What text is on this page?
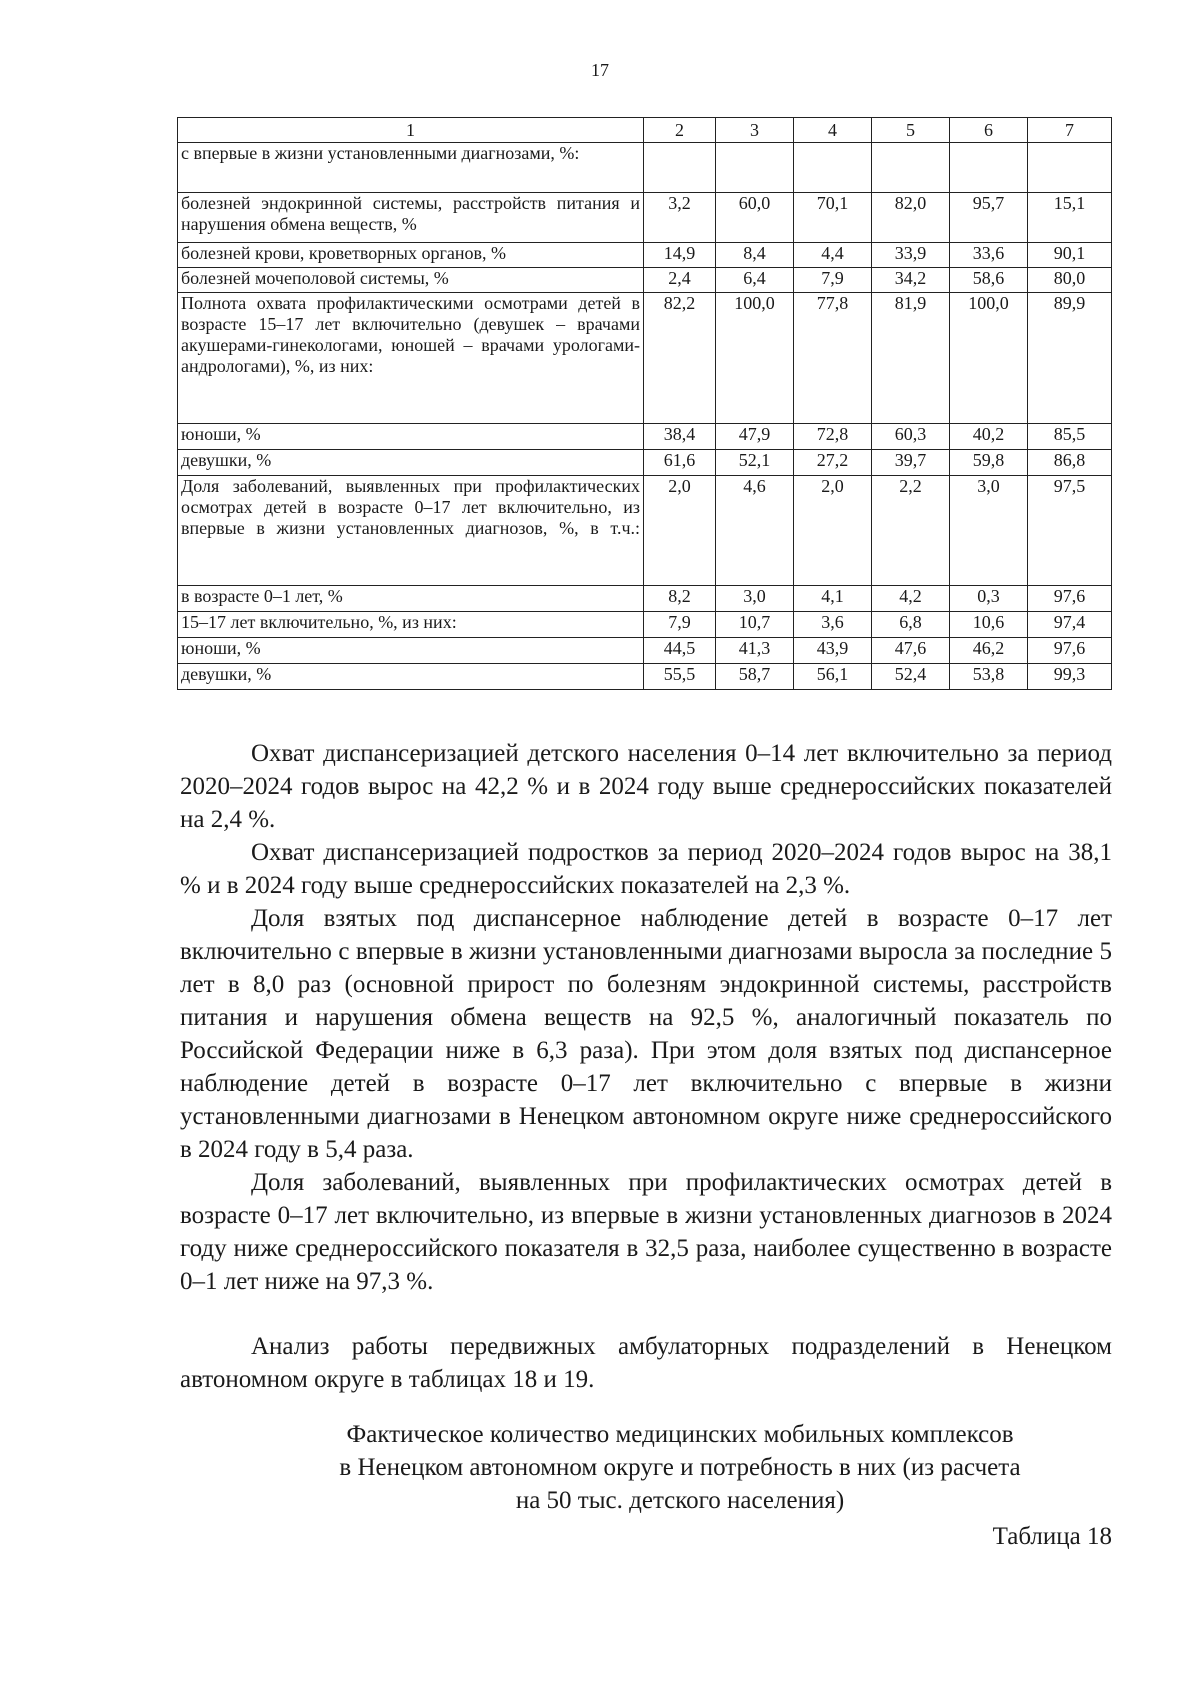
17
1	2	3	4	5	6	7
с впервые в жизни установленными диагнозами, %:						
болезней эндокринной системы, расстройств питания и нарушения обмена веществ, %	3,2	60,0	70,1	82,0	95,7	15,1
болезней крови, кроветворных органов, %	14,9	8,4	4,4	33,9	33,6	90,1
болезней мочеполовой системы, %	2,4	6,4	7,9	34,2	58,6	80,0
Полнота охвата профилактическими осмотрами детей в возрасте 15–17 лет включительно (девушек – врачами акушерами-гинекологами, юношей – врачами урологами-андрологами), %, из них:	82,2	100,0	77,8	81,9	100,0	89,9
юноши, %	38,4	47,9	72,8	60,3	40,2	85,5
девушки, %	61,6	52,1	27,2	39,7	59,8	86,8
Доля заболеваний, выявленных при профилактических осмотрах детей в возрасте 0–17 лет включительно, из впервые в жизни установленных диагнозов, %, в т.ч.:	2,0	4,6	2,0	2,2	3,0	97,5
в возрасте 0–1 лет, %	8,2	3,0	4,1	4,2	0,3	97,6
15–17 лет включительно, %, из них:	7,9	10,7	3,6	6,8	10,6	97,4
юноши, %	44,5	41,3	43,9	47,6	46,2	97,6
девушки, %	55,5	58,7	56,1	52,4	53,8	99,3

Охват диспансеризацией детского населения 0–14 лет включительно за период 2020–2024 годов вырос на 42,2 % и в 2024 году выше среднероссийских показателей на 2,4 %.

Охват диспансеризацией подростков за период 2020–2024 годов вырос на 38,1 % и в 2024 году выше среднероссийских показателей на 2,3 %.

Доля взятых под диспансерное наблюдение детей в возрасте 0–17 лет включительно с впервые в жизни установленными диагнозами выросла за последние 5 лет в 8,0 раз (основной прирост по болезням эндокринной системы, расстройств питания и нарушения обмена веществ на 92,5 %, аналогичный показатель по Российской Федерации ниже в 6,3 раза). При этом доля взятых под диспансерное наблюдение детей в возрасте 0–17 лет включительно с впервые в жизни установленными диагнозами в Ненецком автономном округе ниже среднероссийского в 2024 году в 5,4 раза.

Доля заболеваний, выявленных при профилактических осмотрах детей в возрасте 0–17 лет включительно, из впервые в жизни установленных диагнозов в 2024 году ниже среднероссийского показателя в 32,5 раза, наиболее существенно в возрасте 0–1 лет ниже на 97,3 %.

Анализ работы передвижных амбулаторных подразделений в Ненецком автономном округе в таблицах 18 и 19.

Фактическое количество медицинских мобильных комплексов
в Ненецком автономном округе и потребность в них (из расчета
на 50 тыс. детского населения)
Таблица 18
